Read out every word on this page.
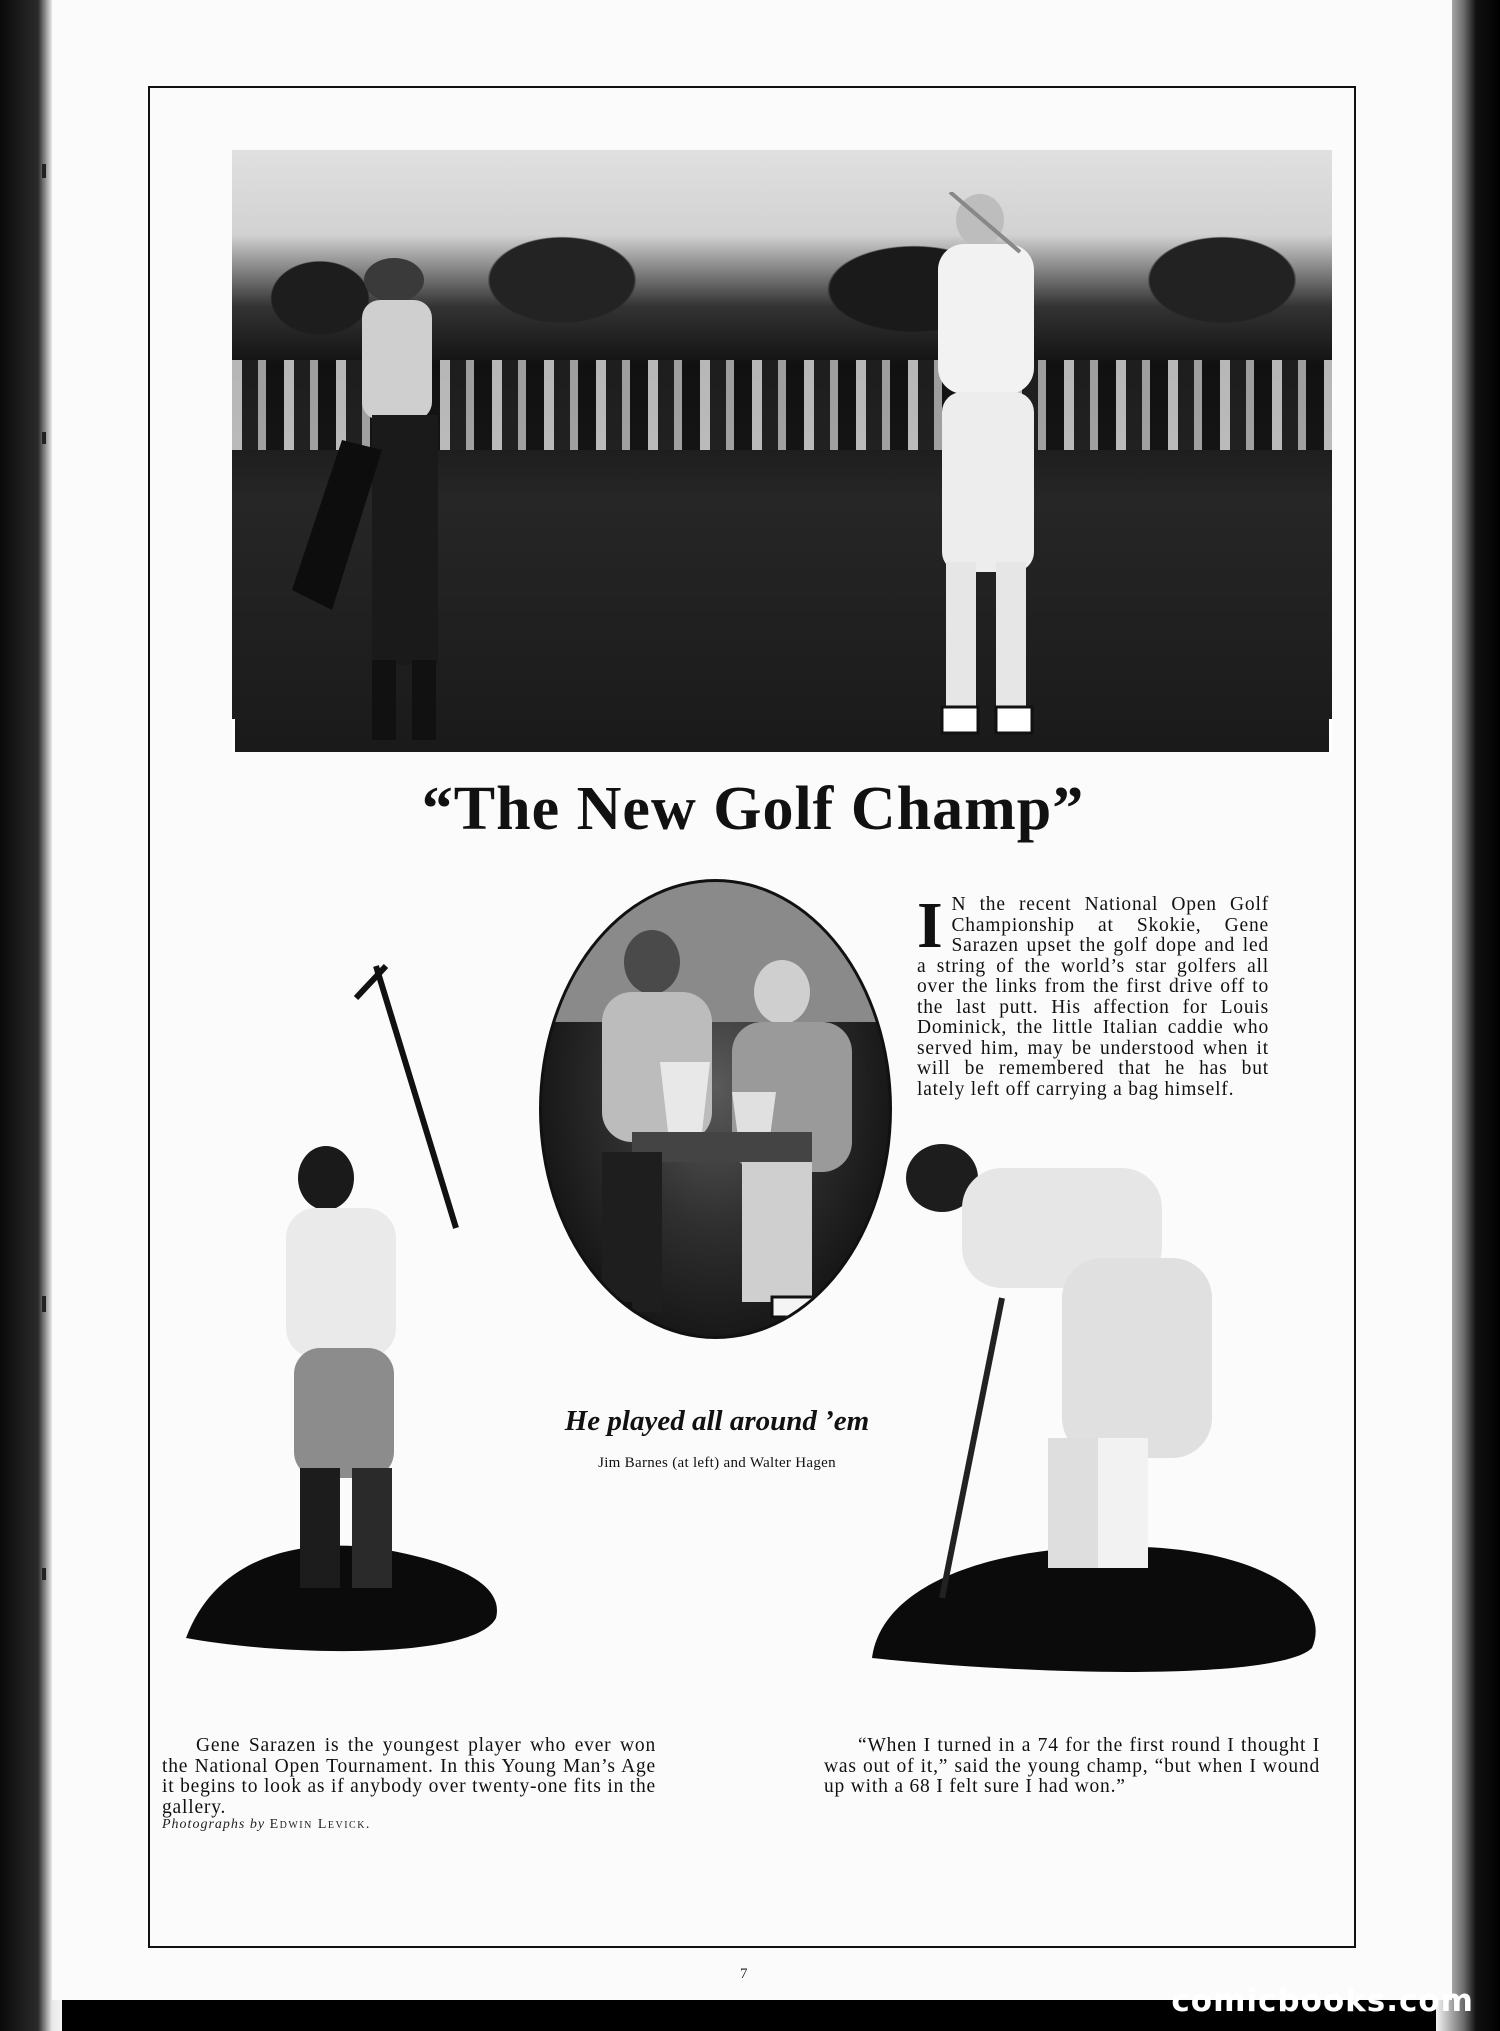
“The New Golf Champ”
I N the recent National Open Golf Championship at Skokie, Gene Sarazen upset the golf dope and led a string of the world’s star golfers all over the links from the first drive off to the last putt. His affection for Louis Dominick, the little Italian caddie who served him, may be understood when it will be remembered that he has but lately left off carrying a bag himself.
He played all around ’em
Jim Barnes (at left) and Walter Hagen
Gene Sarazen is the youngest player who ever won the National Open Tournament. In this Young Man’s Age it begins to look as if anybody over twenty-one fits in the gallery.
“When I turned in a 74 for the first round I thought I was out of it,” said the young champ, “but when I wound up with a 68 I felt sure I had won.”
Photographs by Edwin Levick.
7
comicbooks.com
